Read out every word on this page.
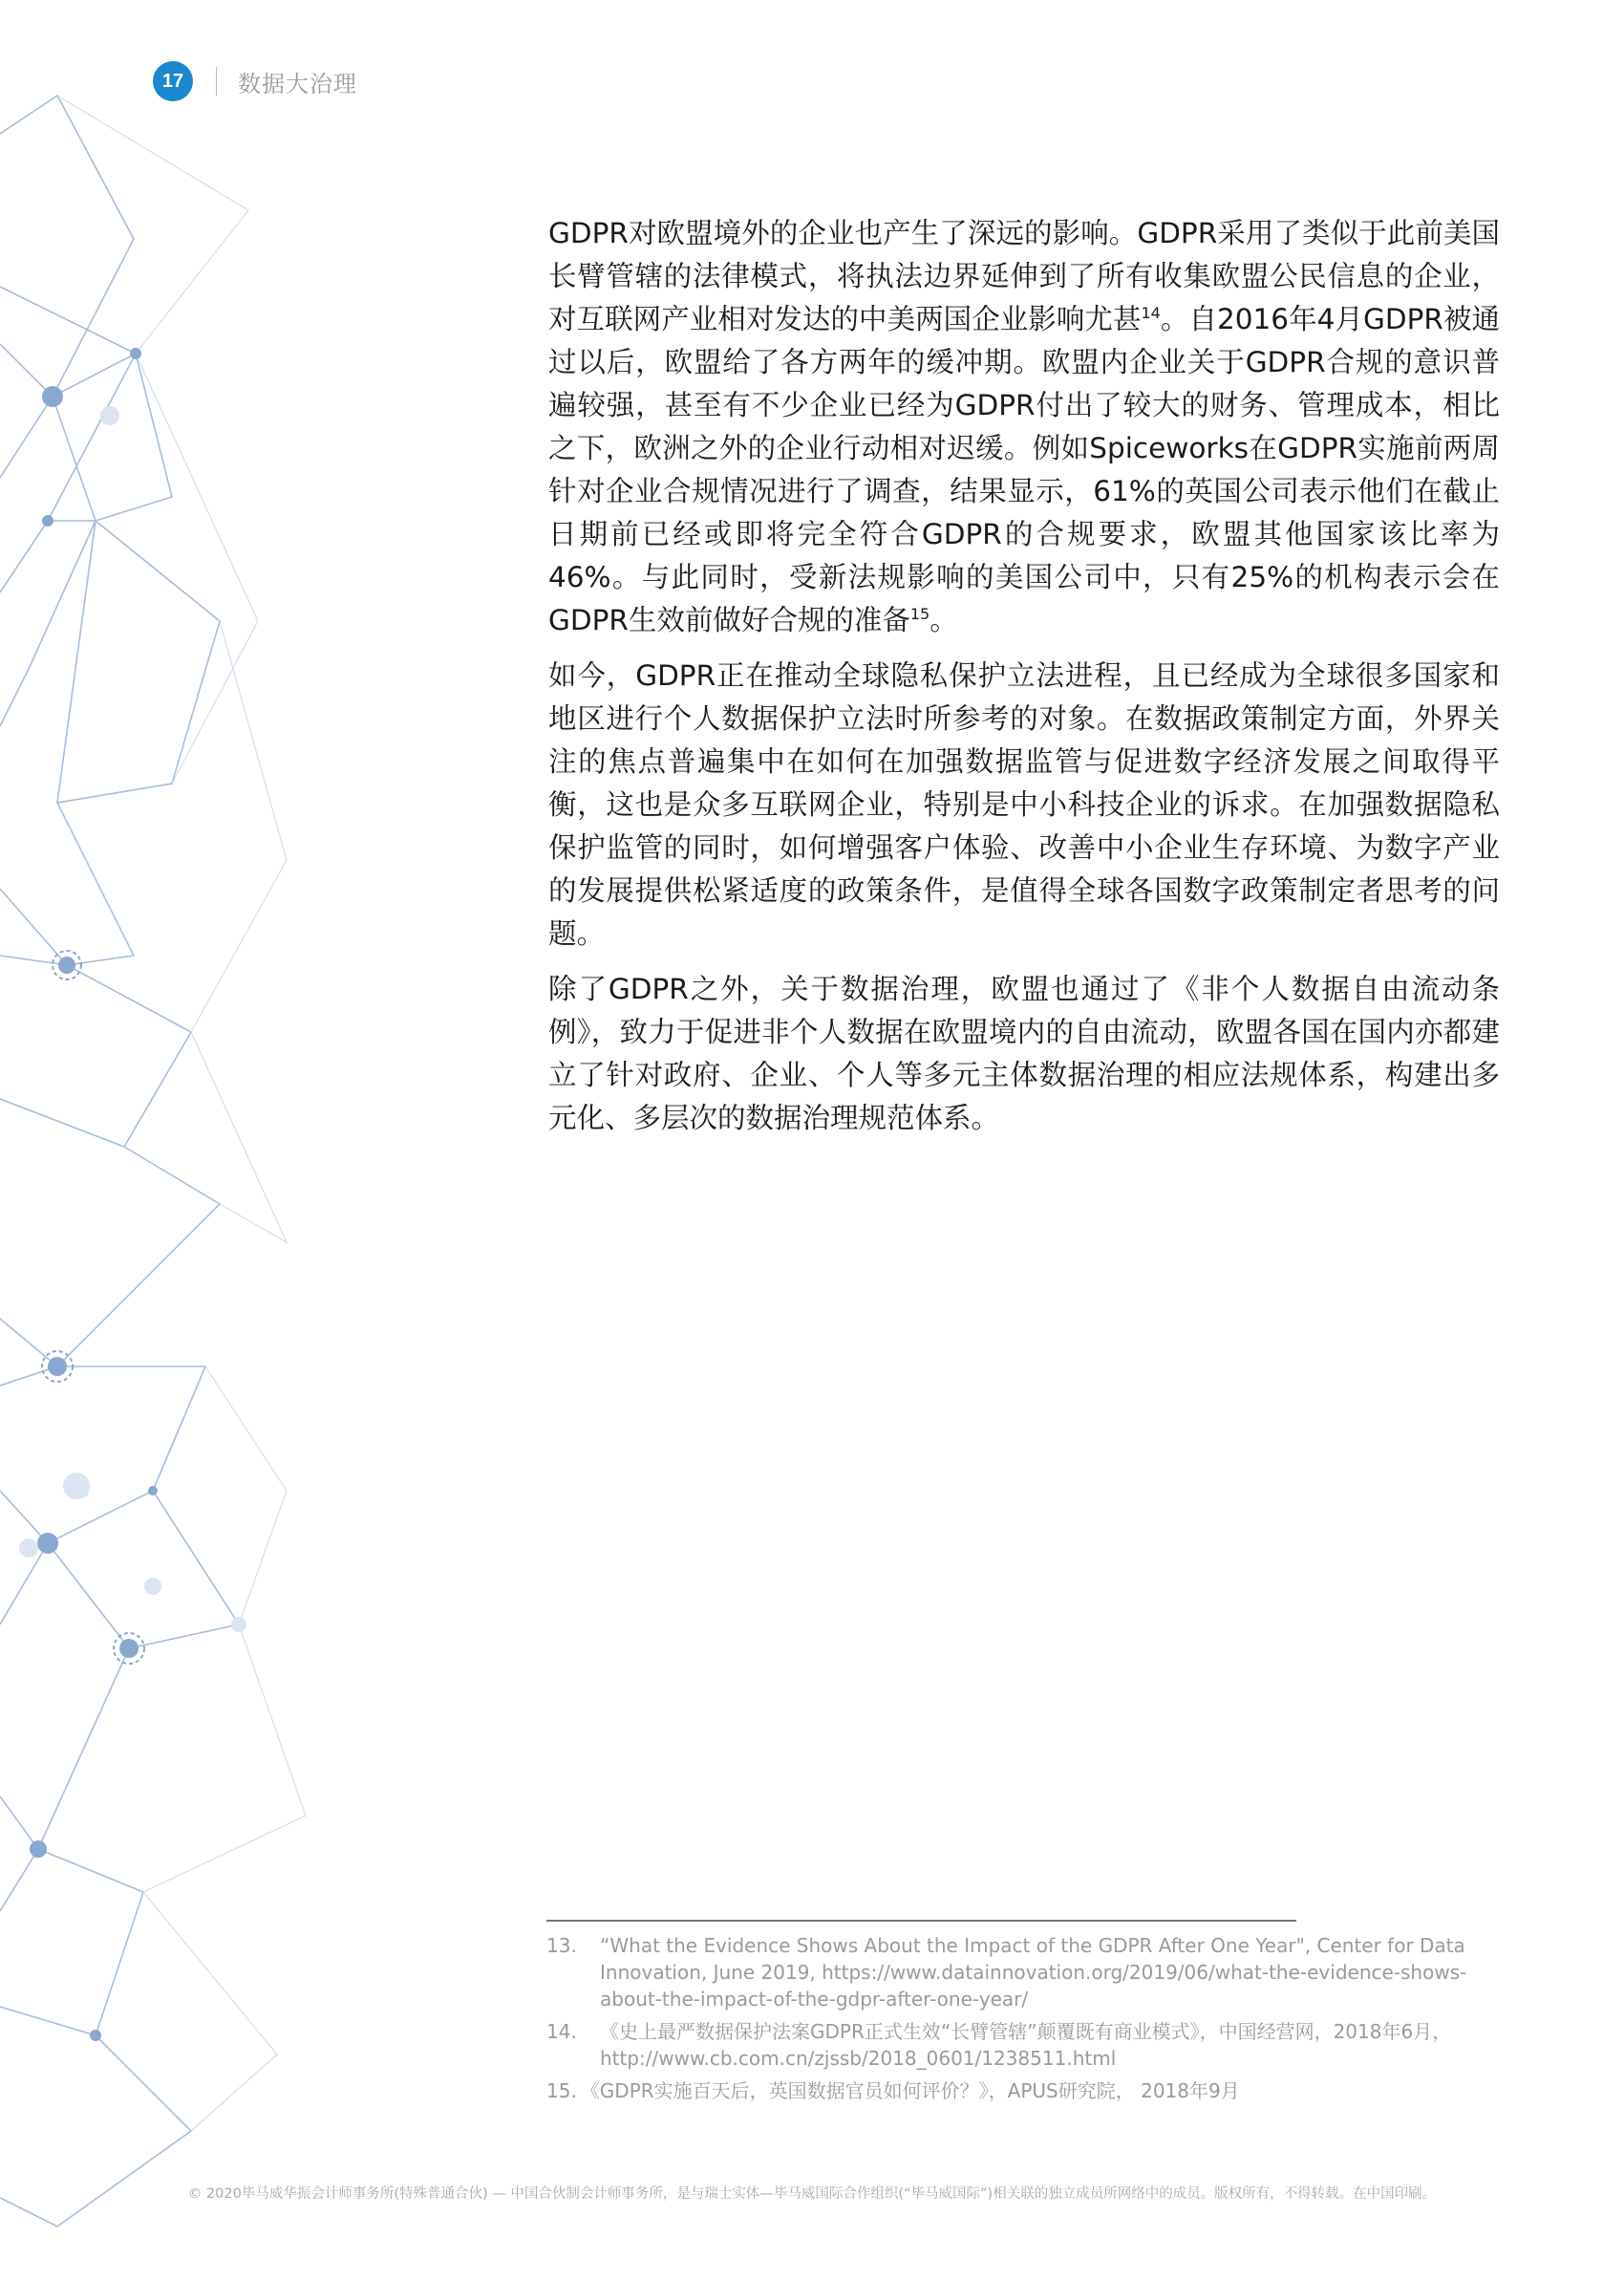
17	数据大治理

GDPR对欧盟境外的企业也产生了深远的影响。GDPR采用了类似于此前美国长臂管辖的法律模式，将执法边界延伸到了所有收集欧盟公民信息的企业，对互联网产业相对发达的中美两国企业影响尤甚$^{14}$。自2016年4月GDPR被通过以后，欧盟给了各方两年的缓冲期。欧盟内企业关于GDPR合规的意识普遍较强，甚至有不少企业已经为GDPR付出了较大的财务、管理成本，相比之下，欧洲之外的企业行动相对迟缓。例如Spiceworks在GDPR实施前两周针对企业合规情况进行了调查，结果显示，61%的英国公司表示他们在截止日期前已经或即将完全符合GDPR的合规要求，欧盟其他国家该比率为46%。与此同时，受新法规影响的美国公司中，只有25%的机构表示会在GDPR生效前做好合规的准备$^{15}$。

如今，GDPR正在推动全球隐私保护立法进程，且已经成为全球很多国家和地区进行个人数据保护立法时所参考的对象。在数据政策制定方面，外界关注的焦点普遍集中在如何在加强数据监管与促进数字经济发展之间取得平衡，这也是众多互联网企业，特别是中小科技企业的诉求。在加强数据隐私保护监管的同时，如何增强客户体验、改善中小企业生存环境、为数字产业的发展提供松紧适度的政策条件，是值得全球各国数字政策制定者思考的问题。

除了GDPR之外，关于数据治理，欧盟也通过了《非个人数据自由流动条例》，致力于促进非个人数据在欧盟境内的自由流动，欧盟各国在国内亦都建立了针对政府、企业、个人等多元主体数据治理的相应法规体系，构建出多元化、多层次的数据治理规范体系。

13.	“What the Evidence Shows About the Impact of the GDPR After One Year", Center for Data Innovation, June 2019, https://www.datainnovation.org/2019/06/what-the-evidence-shows-about-the-impact-of-the-gdpr-after-one-year/
14.	《史上最严数据保护法案GDPR正式生效“长臂管辖”颠覆既有商业模式》，中国经营网，2018年6月， http://www.cb.com.cn/zjssb/2018_0601/1238511.html
15. 《GDPR实施百天后，英国数据官员如何评价？》，APUS研究院， 2018年9月
© 2020毕马威华振会计师事务所(特殊普通合伙) — 中国合伙制会计师事务所，是与瑞士实体—毕马威国际合作组织(“毕马威国际”)相关联的独立成员所网络中的成员。版权所有，不得转载。在中国印刷。
